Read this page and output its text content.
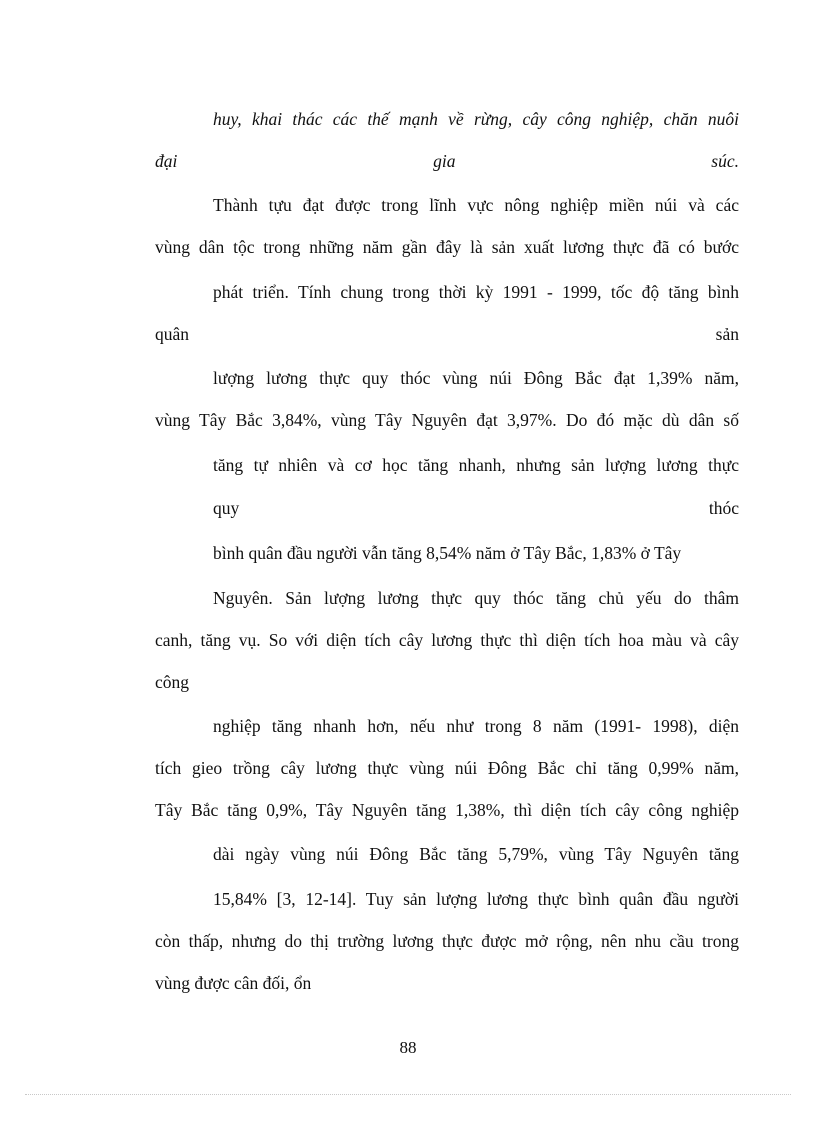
huy, khai thác các thế mạnh về rừng, cây công nghiệp, chăn nuôi
đại gia súc.
Thành tựu đạt được trong lĩnh vực nông nghiệp miền núi và các
vùng dân tộc trong những năm gần đây là sản xuất lương thực đã có bước
phát triển. Tính chung trong thời kỳ 1991 - 1999, tốc độ tăng bình
quân sản
lượng lương thực quy thóc vùng núi Đông Bắc đạt 1,39% năm,
vùng Tây Bắc 3,84%, vùng Tây Nguyên đạt 3,97%. Do đó mặc dù dân số
tăng tự nhiên và cơ học tăng nhanh, nhưng sản lượng lương thực
quy thóc
bình quân đầu người vẫn tăng 8,54% năm ở Tây Bắc, 1,83% ở Tây
Nguyên. Sản lượng lương thực quy thóc tăng chủ yếu do thâm
canh, tăng vụ. So với diện tích cây lương thực thì diện tích hoa màu và cây
công
nghiệp tăng nhanh hơn, nếu như trong 8 năm (1991- 1998), diện
tích gieo trồng cây lương thực vùng núi Đông Bắc chỉ tăng 0,99% năm,
Tây Bắc tăng 0,9%, Tây Nguyên tăng 1,38%, thì diện tích cây công nghiệp
dài ngày vùng núi Đông Bắc tăng 5,79%, vùng Tây Nguyên tăng
15,84% [3, 12-14]. Tuy sản lượng lương thực bình quân đầu người
còn thấp, nhưng do thị trường lương thực được mở rộng, nên nhu cầu trong
vùng được cân đối, ổn
88
